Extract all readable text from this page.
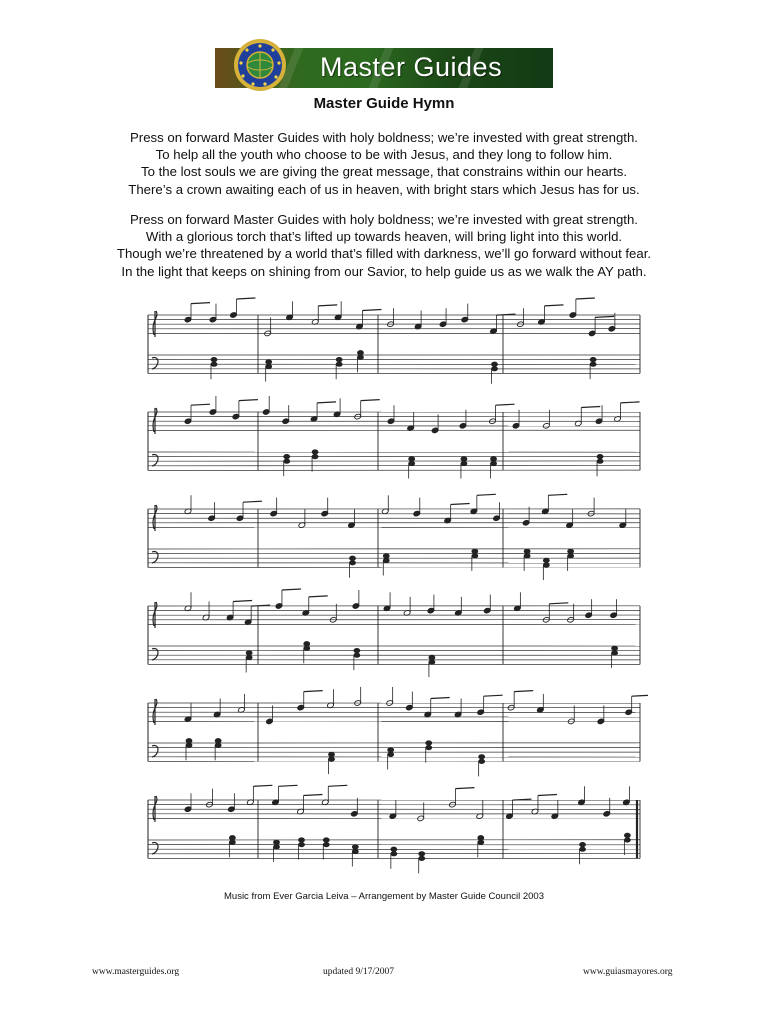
Master Guides
Master Guide Hymn
Press on forward Master Guides with holy boldness; we’re invested with great strength.
To help all the youth who choose to be with Jesus, and they long to follow him.
To the lost souls we are giving the great message, that constrains within our hearts.
There’s a crown awaiting each of us in heaven, with bright stars which Jesus has for us.
Press on forward Master Guides with holy boldness; we’re invested with great strength.
With a glorious torch that’s lifted up towards heaven, will bring light into this world.
Though we’re threatened by a world that’s filled with darkness, we’ll go forward without fear.
In the light that keeps on shining from our Savior, to help guide us as we walk the AY path.
Music from Ever Garcia Leiva – Arrangement by Master Guide Council 2003
www.masterguides.org	updated 9/17/2007	www.guiasmayores.org
